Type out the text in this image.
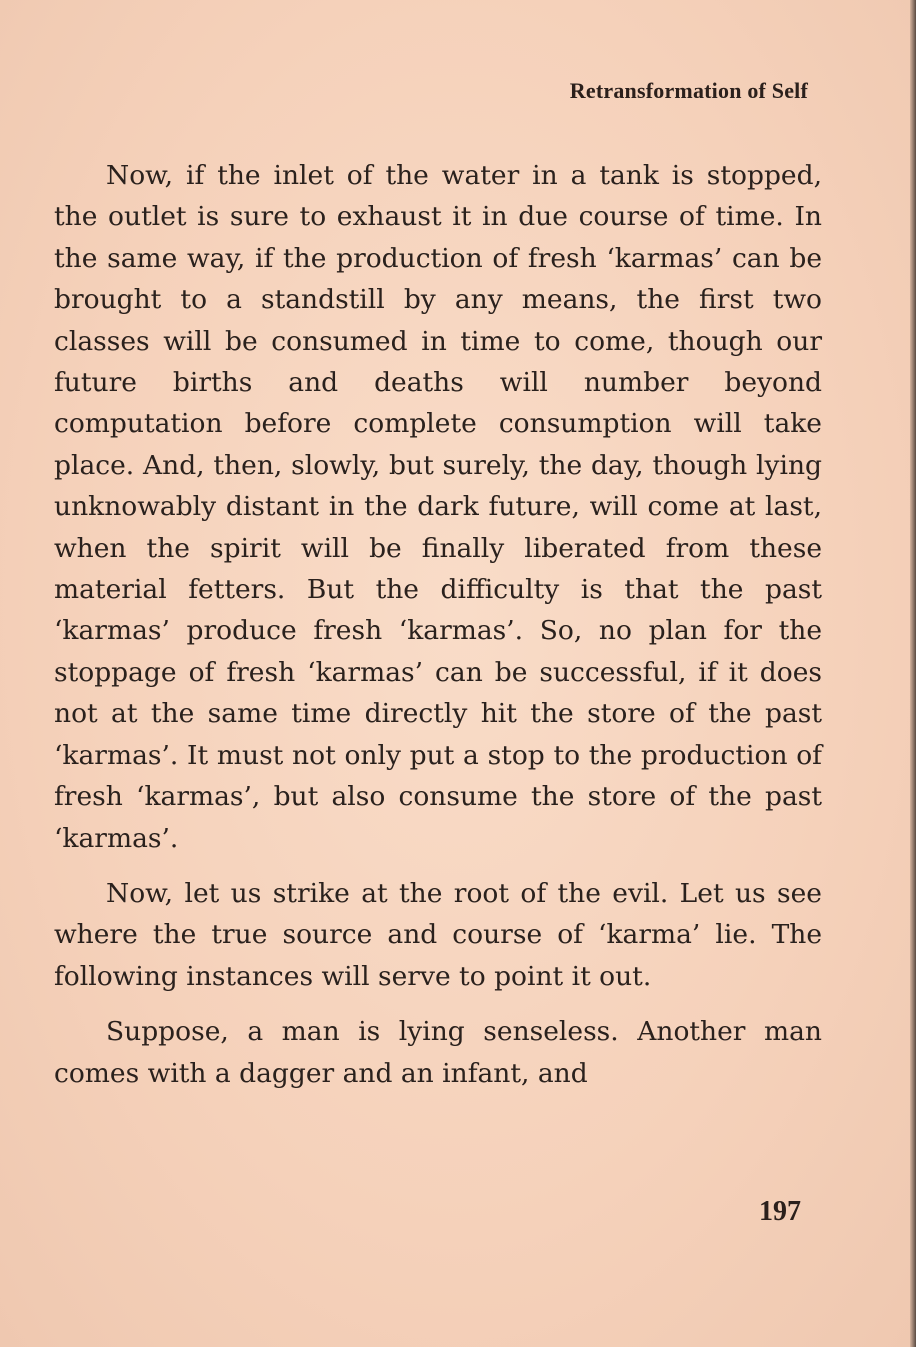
Retransformation of Self

Now, if the inlet of the water in a tank is stopped, the outlet is sure to exhaust it in due course of time. In the same way, if the production of fresh ‘karmas’ can be brought to a standstill by any means, the first two classes will be consumed in time to come, though our future births and deaths will number beyond computation before complete consumption will take place. And, then, slowly, but surely, the day, though lying unknowably distant in the dark future, will come at last, when the spirit will be finally liberated from these material fetters. But the difficulty is that the past ‘karmas’ produce fresh ‘karmas’. So, no plan for the stoppage of fresh ‘karmas’ can be successful, if it does not at the same time directly hit the store of the past ‘karmas’. It must not only put a stop to the production of fresh ‘karmas’, but also consume the store of the past ‘karmas’.

Now, let us strike at the root of the evil. Let us see where the true source and course of ‘karma’ lie. The following instances will serve to point it out.

Suppose, a man is lying senseless. Another man comes with a dagger and an infant, and

197
